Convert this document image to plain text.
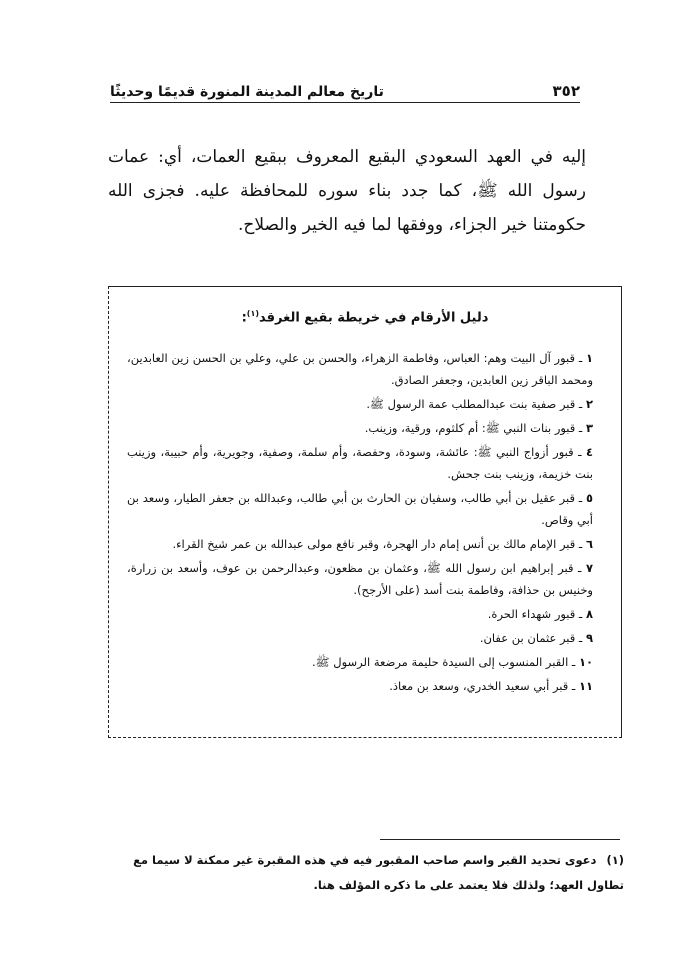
٣٥٢
تاريخ معالم المدينة المنورة قديمًا وحديثًا

إليه في العهد السعودي البقيع المعروف ببقيع العمات، أي: عمات رسول الله ﷺ، كما جدد بناء سوره للمحافظة عليه. فجزى الله حكومتنا خير الجزاء، ووفقها لما فيه الخير والصلاح.

دليل الأرقام في خريطة بقيع الغرقد$^{(١)}$:
١ ـ قبور آل البيت وهم: العباس، وفاطمة الزهراء، والحسن بن علي، وعلي بن الحسن زين العابدين، ومحمد الباقر زين العابدين، وجعفر الصادق.
٢ ـ قبر صفية بنت عبدالمطلب عمة الرسول ﷺ.
٣ ـ قبور بنات النبي ﷺ: أم كلثوم، ورقية، وزينب.
٤ ـ قبور أزواج النبي ﷺ: عائشة، وسودة، وحفصة، وأم سلمة، وصفية، وجويرية، وأم حبيبة، وزينب بنت خزيمة، وزينب بنت جحش.
٥ ـ قبر عقيل بن أبي طالب، وسفيان بن الحارث بن أبي طالب، وعبدالله بن جعفر الطيار، وسعد بن أبي وقاص.
٦ ـ قبر الإمام مالك بن أنس إمام دار الهجرة، وقبر نافع مولى عبدالله بن عمر شيخ القراء.
٧ ـ قبر إبراهيم ابن رسول الله ﷺ، وعثمان بن مظعون، وعبدالرحمن بن عوف، وأسعد بن زرارة، وخنيس بن حذافة، وفاطمة بنت أسد (على الأرجح).
٨ ـ قبور شهداء الحرة.
٩ ـ قبر عثمان بن عفان.
١٠ ـ القبر المنسوب إلى السيدة حليمة مرضعة الرسول ﷺ.
١١ ـ قبر أبي سعيد الخدري، وسعد بن معاذ.

(١)دعوى تحديد القبر واسم صاحب المقبور فيه في هذه المقبرة غير ممكنة لا سيما مع تطاول العهد؛ ولذلك فلا يعتمد على ما ذكره المؤلف هنا.
